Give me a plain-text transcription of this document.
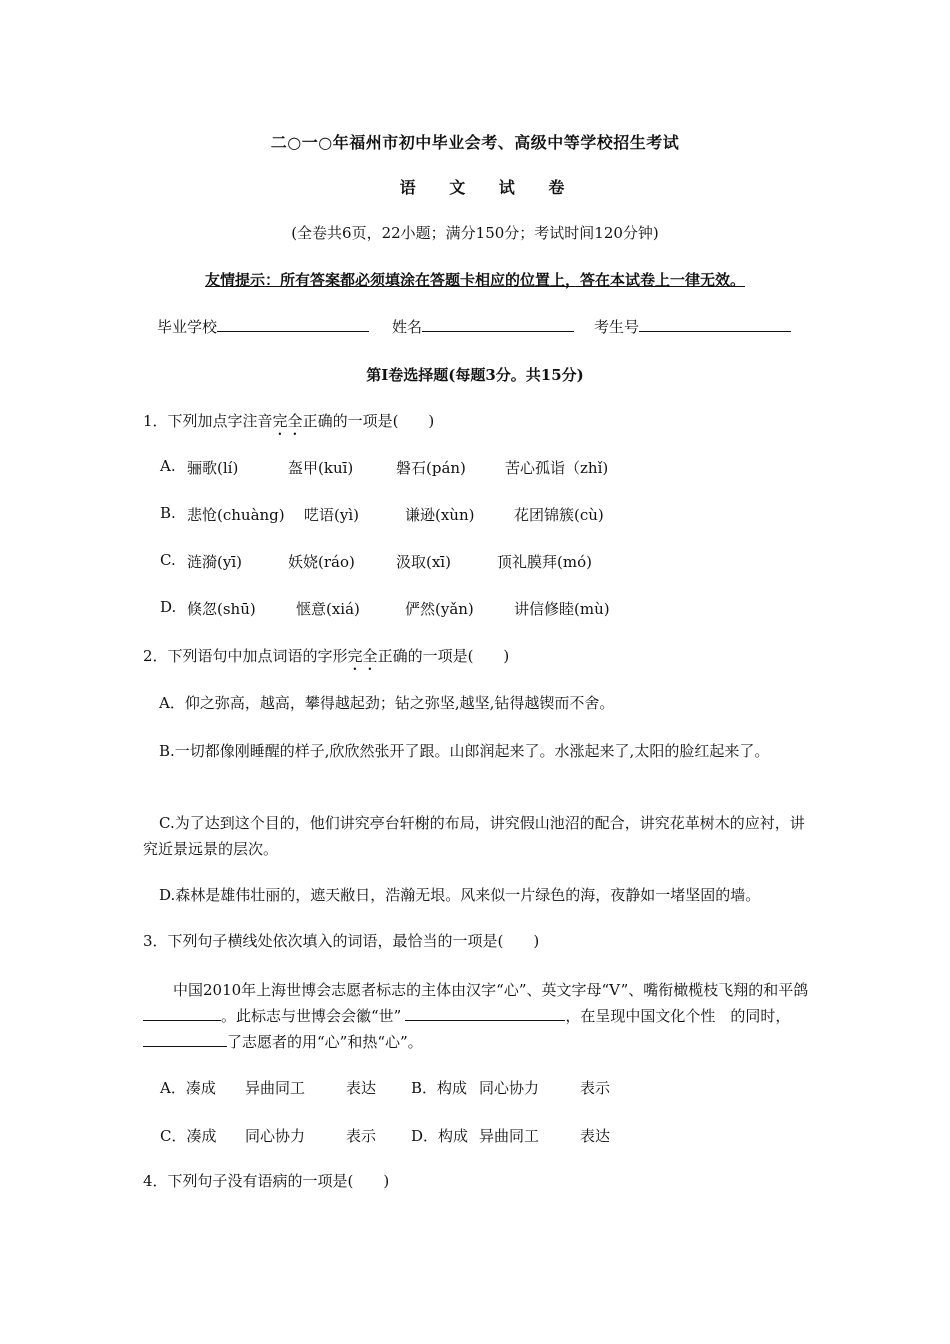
二○一○年福州市初中毕业会考、高级中等学校招生考试
语 文 试 卷
(全卷共6页，22小题；满分150分；考试时间120分钟)
友情提示：所有答案都必须填涂在答题卡相应的位置上，答在本试卷上一律无效。
毕业学校	姓名	考生号
第Ⅰ卷选择题(每题3分。共15分)
1．下列加点字注音完全正确的一项是(　　)
A. 骊歌(lí)	盔甲(kuī)	磐石(pán)	苦心孤诣（zhǐ)
B. 悲怆(chuàng) 呓语(yì)	谦逊(xùn)	花团锦簇(cù)
C. 涟漪(yī)	妖娆(ráo)	汲取(xī)	顶礼膜拜(mó)
D. 倏忽(shū)	惬意(xiá)	俨然(yǎn)	讲信修睦(mù)
2．下列语句中加点词语的字形完全正确的一项是(　　)
A．仰之弥高，越高，攀得越起劲；钻之弥坚,越坚,钻得越锲而不舍。
B.一切都像刚睡醒的样子,欣欣然张开了跟。山郎润起来了。水涨起来了,太阳的脸红起来了。
C.为了达到这个目的，他们讲究亭台轩榭的布局，讲究假山池沼的配合，讲究花革树木的应衬，讲究近景远景的层次。
D.森林是雄伟壮丽的，遮天敝日，浩瀚无垠。风来似一片绿色的海，夜静如一堵坚固的墙。
3．下列句子横线处依次填入的词语，最恰当的一项是(　　)
中国2010年上海世博会志愿者标志的主体由汉字“心”、英文字母“V”、嘴衔橄榄枝飞翔的和平鸽。此标志与世博会会徽“世”	，在呈现中国文化个性　的同时，了志愿者的用“心”和热“心”。
A．凑成 异曲同工	表达 B．构成 同心协力	表示
C．凑成 同心协力	表示 D．构成 异曲同工	表达
4．下列句子没有语病的一项是(　　)
